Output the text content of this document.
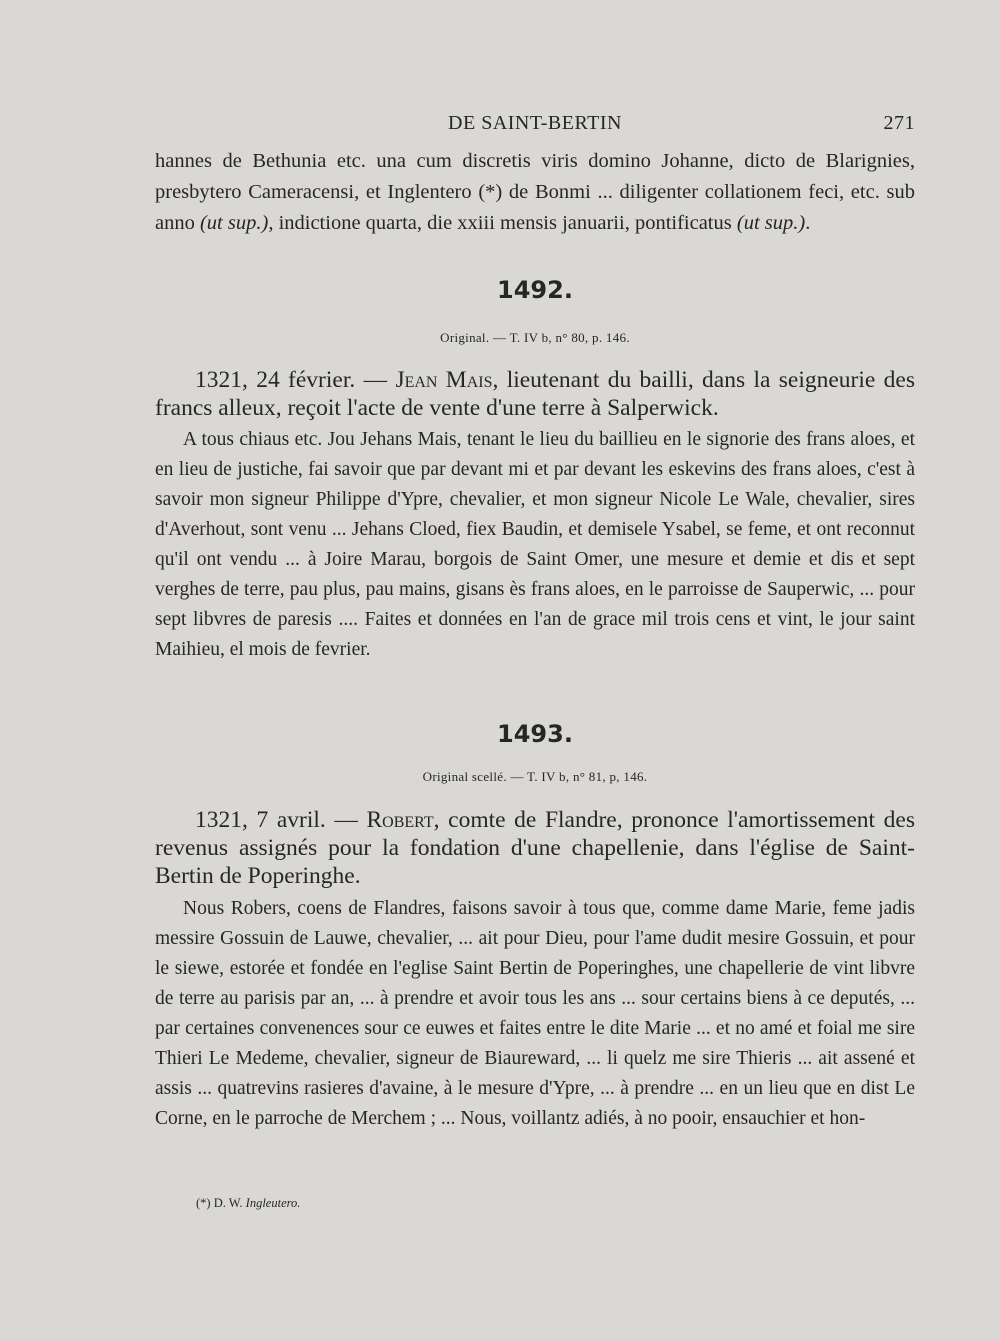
DE SAINT-BERTIN	271

hannes de Bethunia etc. una cum discretis viris domino Johanne, dicto de Blarignies, presbytero Cameracensi, et Inglentero (*) de Bonmi ... diligenter collationem feci, etc. sub anno (ut sup.), indictione quarta, die xxiii mensis januarii, pontificatus (ut sup.).

1492.
Original. — T. IV b, n° 80, p. 146.

1321, 24 février. — Jean Mais, lieutenant du bailli, dans la seigneurie des francs alleux, reçoit l'acte de vente d'une terre à Salperwick.

A tous chiaus etc. Jou Jehans Mais, tenant le lieu du baillieu en le signorie des frans aloes, et en lieu de justiche, fai savoir que par devant mi et par devant les eskevins des frans aloes, c'est à savoir mon signeur Philippe d'Ypre, chevalier, et mon signeur Nicole Le Wale, chevalier, sires d'Averhout, sont venu ... Jehans Cloed, fiex Baudin, et demisele Ysabel, se feme, et ont reconnut qu'il ont vendu ... à Joire Marau, borgois de Saint Omer, une mesure et demie et dis et sept verghes de terre, pau plus, pau mains, gisans ès frans aloes, en le parroisse de Sauperwic, ... pour sept libvres de paresis .... Faites et données en l'an de grace mil trois cens et vint, le jour saint Maihieu, el mois de fevrier.

1493.
Original scellé. — T. IV b, n° 81, p, 146.

1321, 7 avril. — Robert, comte de Flandre, prononce l'amortissement des revenus assignés pour la fondation d'une chapellenie, dans l'église de Saint-Bertin de Poperinghe.

Nous Robers, coens de Flandres, faisons savoir à tous que, comme dame Marie, feme jadis messire Gossuin de Lauwe, chevalier, ... ait pour Dieu, pour l'ame dudit mesire Gossuin, et pour le siewe, estorée et fondée en l'eglise Saint Bertin de Poperinghes, une chapellerie de vint libvre de terre au parisis par an, ... à prendre et avoir tous les ans ... sour certains biens à ce deputés, ... par certaines convenences sour ce euwes et faites entre le dite Marie ... et no amé et foial me sire Thieri Le Medeme, chevalier, signeur de Biaureward, ... li quelz me sire Thieris ... ait assené et assis ... quatrevins rasieres d'avaine, à le mesure d'Ypre, ... à prendre ... en un lieu que en dist Le Corne, en le parroche de Merchem ; ... Nous, voillantz adiés, à no pooir, ensauchier et hon-

(*) D. W. Ingleutero.
